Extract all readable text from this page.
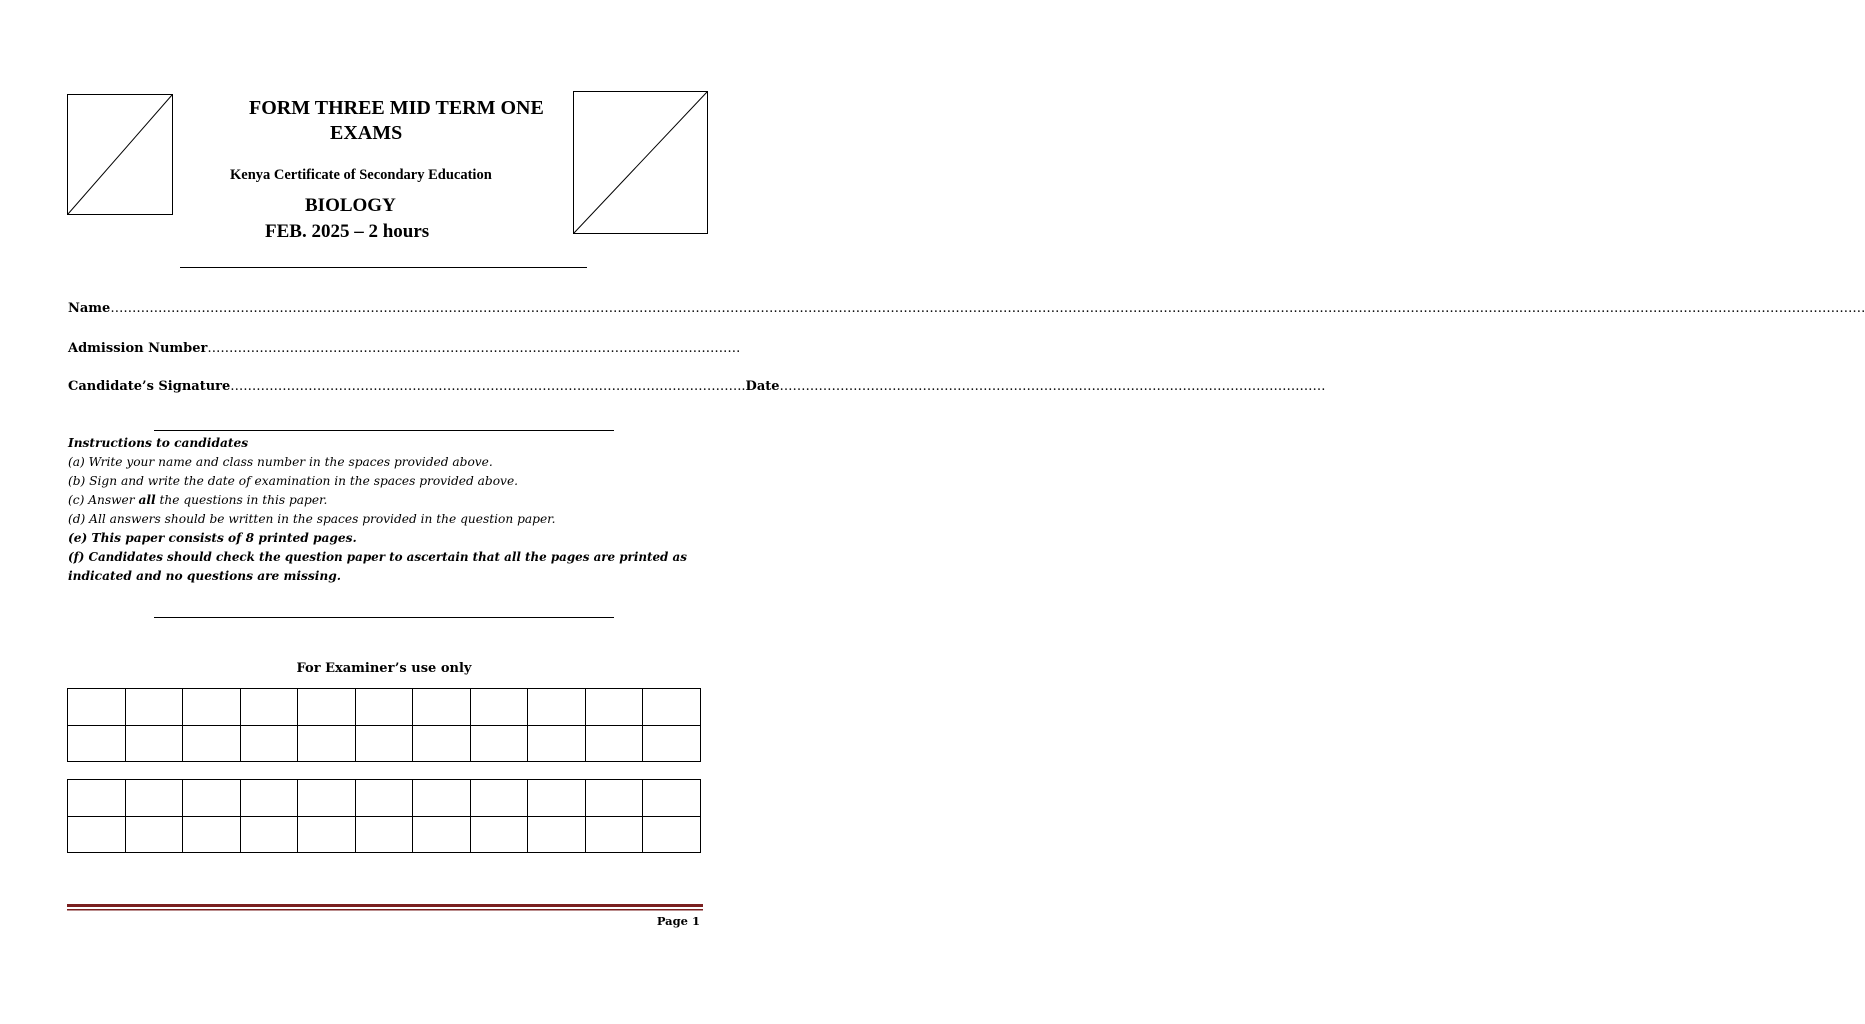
FORM THREE MID TERM ONE
EXAMS
Kenya Certificate of Secondary Education
BIOLOGY
FEB. 2025 – 2 hours
Name………………………………………………………………………………………………………………………………………………………………………………………………………………………………………………………………………………………………………………………………………………………………………
Admission Number……………………………………………………………………………………………………………
Candidate’s Signature………………………………………………………………………………………………………..Date………………………………………………………………………………………………………………
Instructions to candidates
(a) Write your name and class number in the spaces provided above.
(b) Sign and write the date of examination in the spaces provided above.
(c) Answer all the questions in this paper.
(d) All answers should be written in the spaces provided in the question paper.
(e) This paper consists of 8 printed pages.
(f) Candidates should check the question paper to ascertain that all the pages are printed as
indicated and no questions are missing.
For Examiner’s use only

Page 1
